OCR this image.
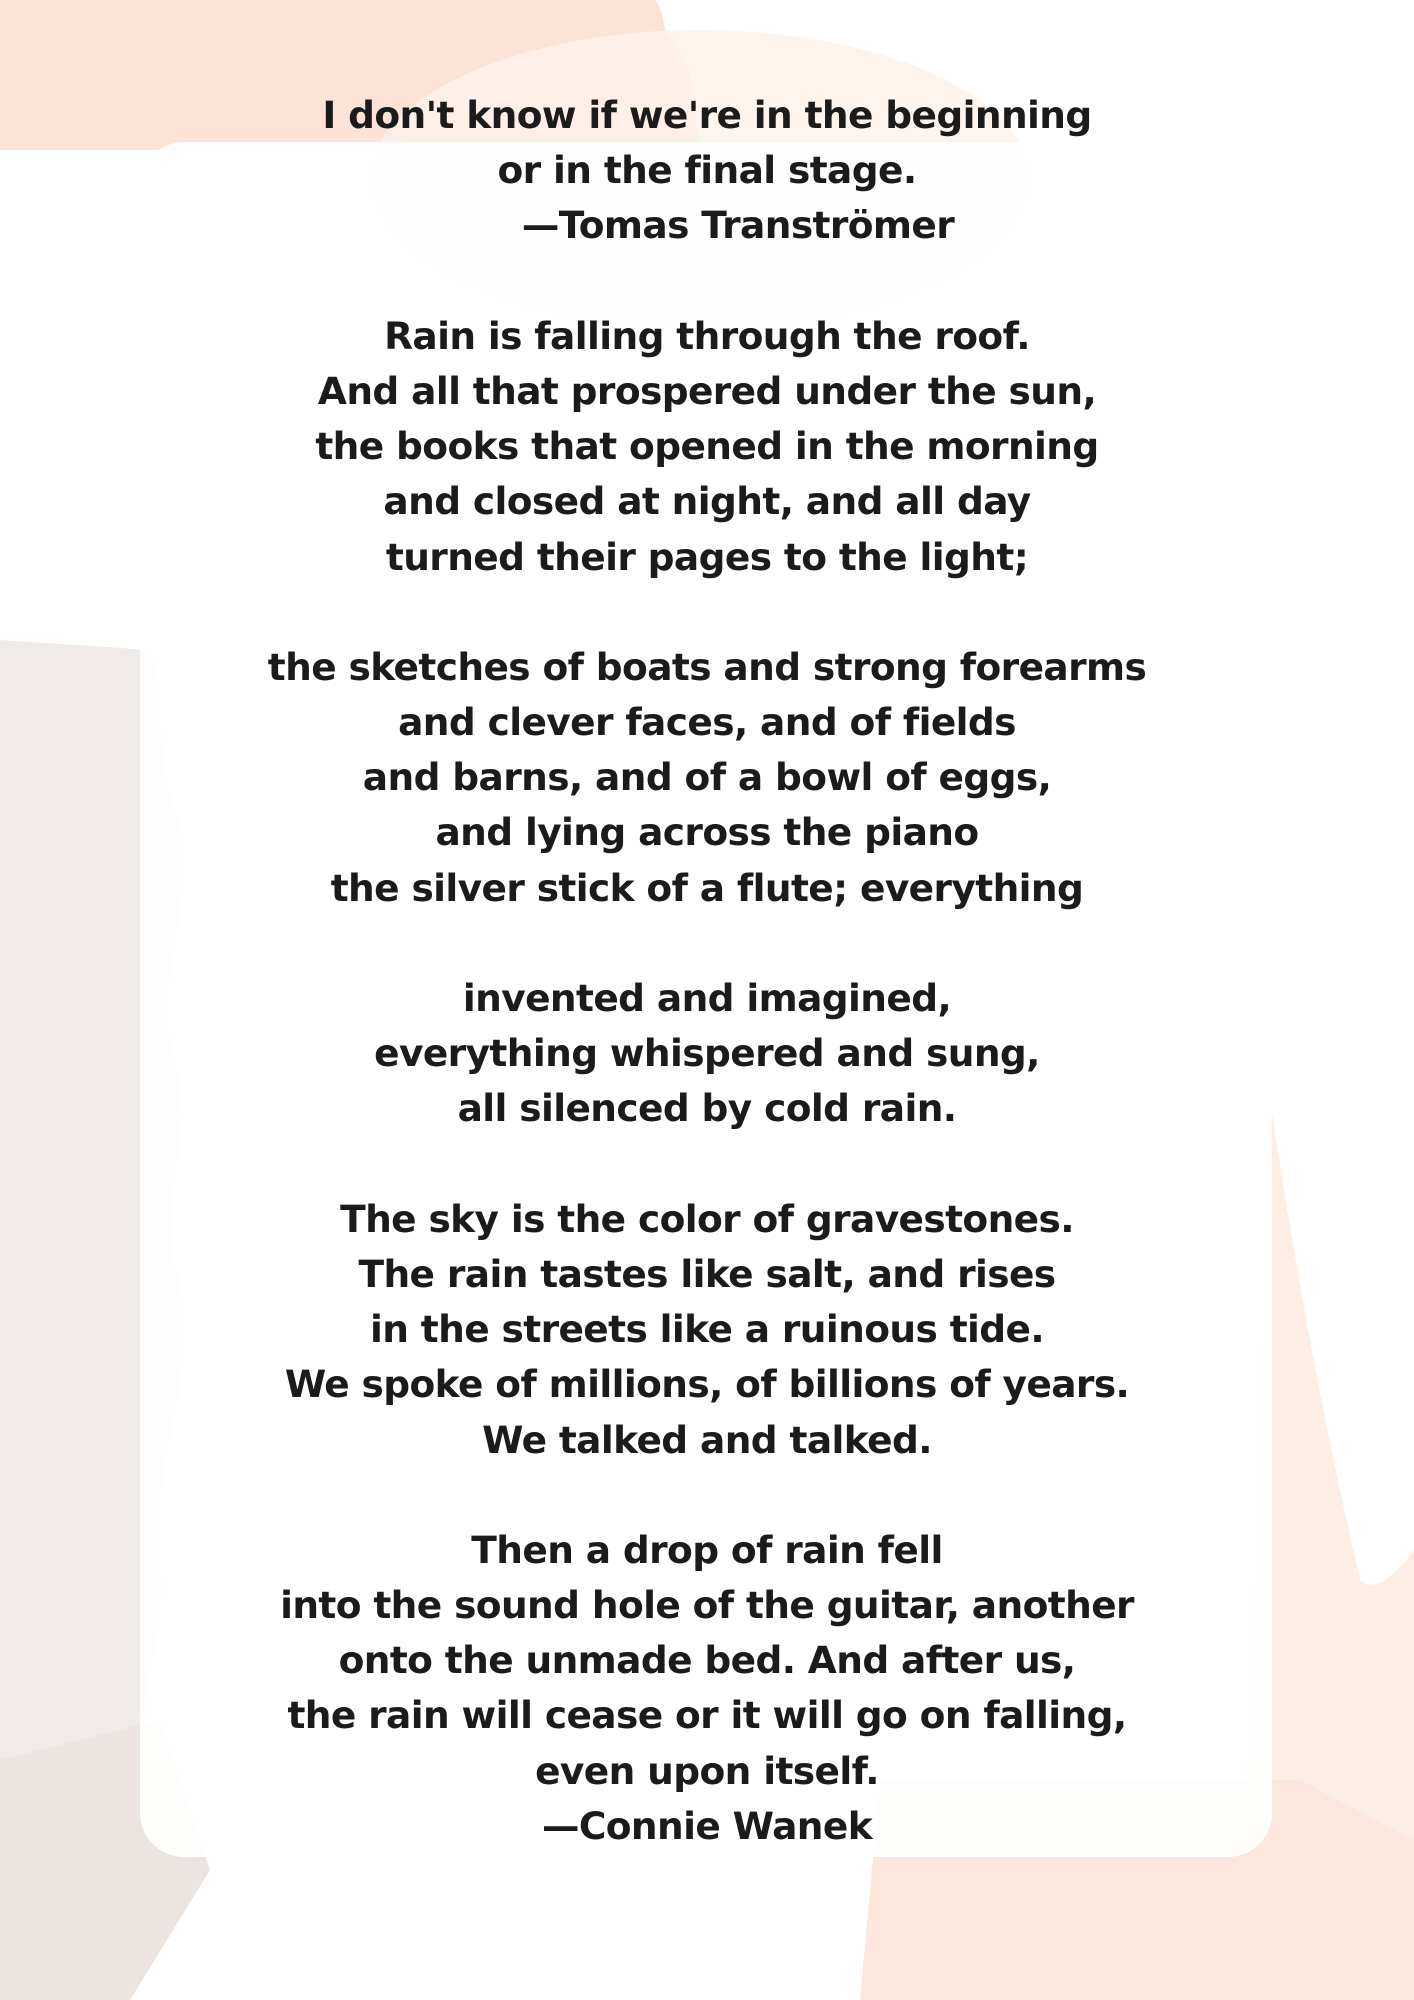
I don't know if we're in the beginning
or in the final stage.
—Tomas Tranströmer
Rain is falling through the roof.
And all that prospered under the sun,
the books that opened in the morning
and closed at night, and all day
turned their pages to the light;
the sketches of boats and strong forearms
and clever faces, and of fields
and barns, and of a bowl of eggs,
and lying across the piano
the silver stick of a flute; everything
invented and imagined,
everything whispered and sung,
all silenced by cold rain.
The sky is the color of gravestones.
The rain tastes like salt, and rises
in the streets like a ruinous tide.
We spoke of millions, of billions of years.
We talked and talked.
Then a drop of rain fell
into the sound hole of the guitar, another
onto the unmade bed. And after us,
the rain will cease or it will go on falling,
even upon itself.
—Connie Wanek
